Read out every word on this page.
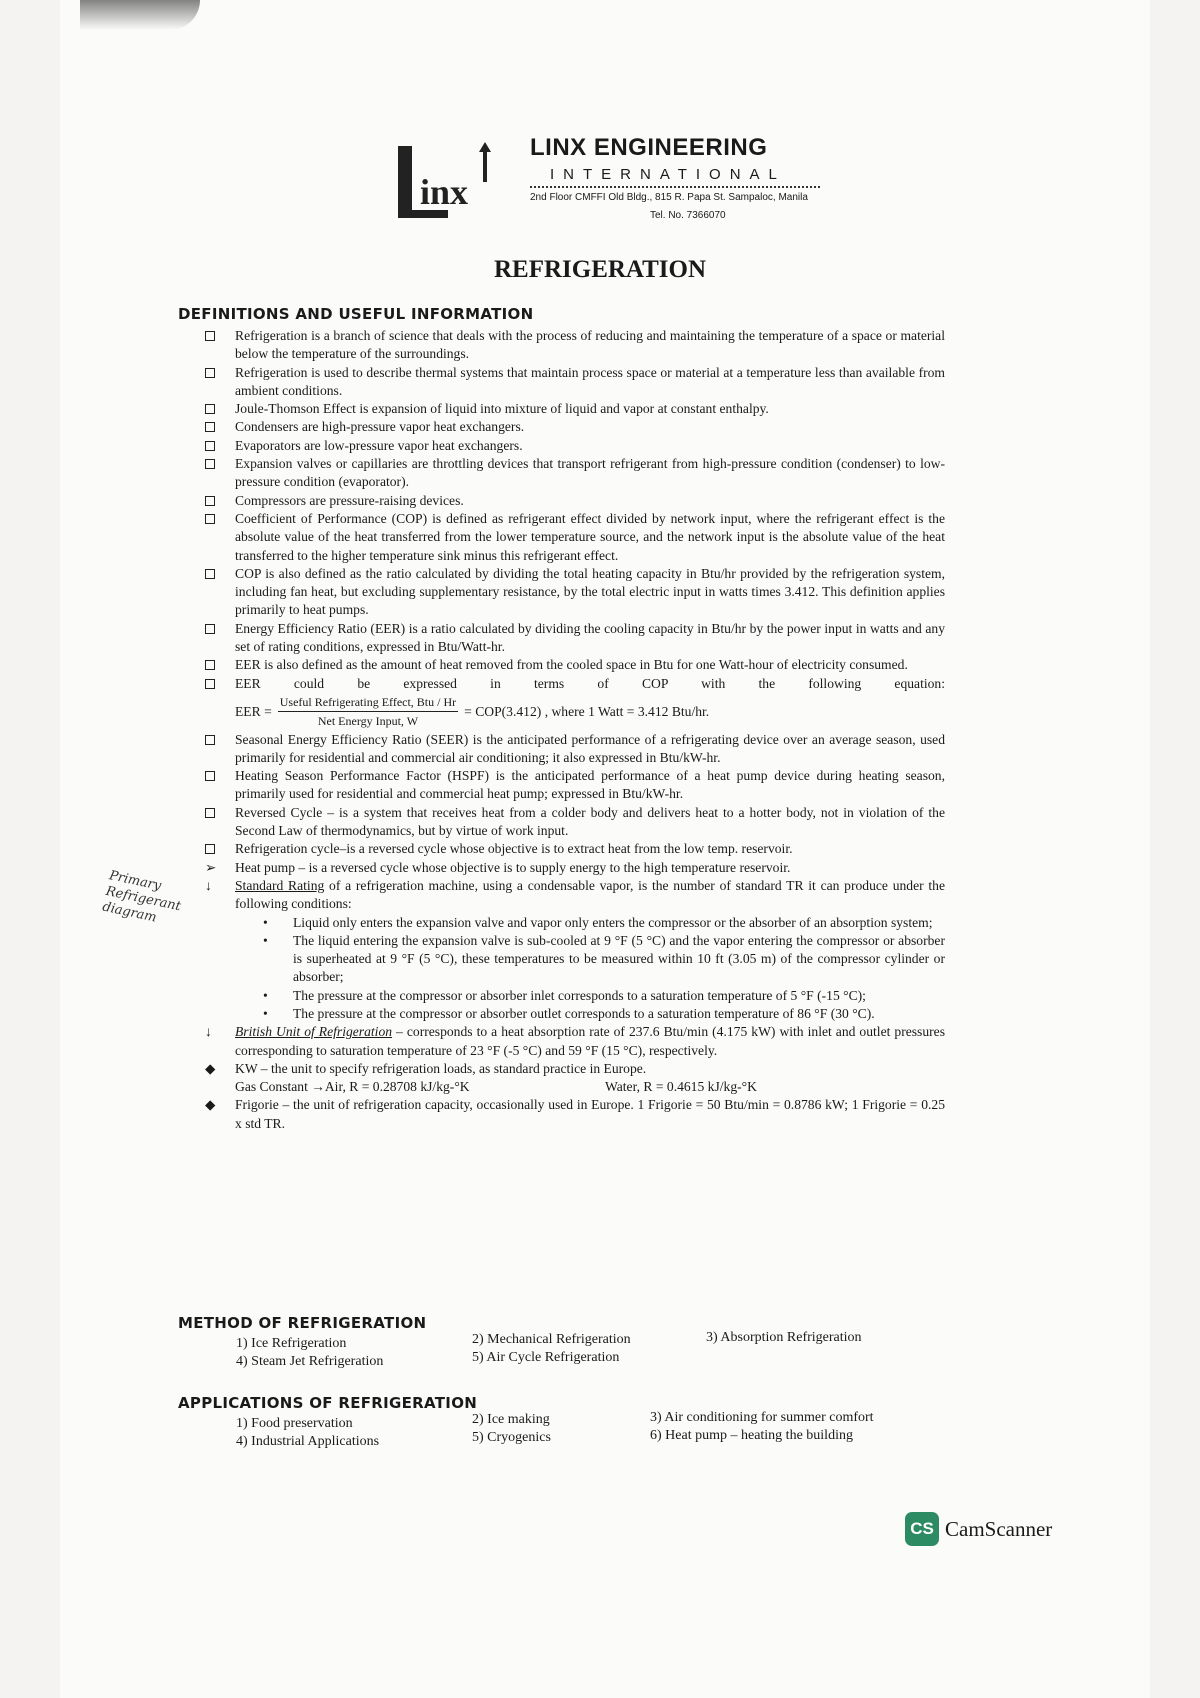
inx
LINX ENGINEERING
INTERNATIONAL
2nd Floor CMFFI Old Bldg., 815 R. Papa St. Sampaloc, Manila
Tel. No. 7366070
REFRIGERATION
DEFINITIONS AND USEFUL INFORMATION
Refrigeration is a branch of science that deals with the process of reducing and maintaining the temperature of a space or material below the temperature of the surroundings.
Refrigeration is used to describe thermal systems that maintain process space or material at a temperature less than available from ambient conditions.
Joule-Thomson Effect is expansion of liquid into mixture of liquid and vapor at constant enthalpy.
Condensers are high-pressure vapor heat exchangers.
Evaporators are low-pressure vapor heat exchangers.
Expansion valves or capillaries are throttling devices that transport refrigerant from high-pressure condition (condenser) to low-pressure condition (evaporator).
Compressors are pressure-raising devices.
Coefficient of Performance (COP) is defined as refrigerant effect divided by network input, where the refrigerant effect is the absolute value of the heat transferred from the lower temperature source, and the network input is the absolute value of the heat transferred to the higher temperature sink minus this refrigerant effect.
COP is also defined as the ratio calculated by dividing the total heating capacity in Btu/hr provided by the refrigeration system, including fan heat, but excluding supplementary resistance, by the total electric input in watts times 3.412. This definition applies primarily to heat pumps.
Energy Efficiency Ratio (EER) is a ratio calculated by dividing the cooling capacity in Btu/hr by the power input in watts and any set of rating conditions, expressed in Btu/Watt-hr.
EER is also defined as the amount of heat removed from the cooled space in Btu for one Watt-hour of electricity consumed.
EER could be expressed in terms of COP with the following equation:
EER = $\frac{\text{Useful Refrigerating Effect, Btu / Hr}}{\text{Net Energy Input, W}} = COP(3.412)$ , where 1 Watt = 3.412 Btu/hr.
Seasonal Energy Efficiency Ratio (SEER) is the anticipated performance of a refrigerating device over an average season, used primarily for residential and commercial air conditioning; it also expressed in Btu/kW-hr.
Heating Season Performance Factor (HSPF) is the anticipated performance of a heat pump device during heating season, primarily used for residential and commercial heat pump; expressed in Btu/kW-hr.
Reversed Cycle – is a system that receives heat from a colder body and delivers heat to a hotter body, not in violation of the Second Law of thermodynamics, but by virtue of work input.
Refrigeration cycle–is a reversed cycle whose objective is to extract heat from the low temp. reservoir.
➢	Heat pump – is a reversed cycle whose objective is to supply energy to the high temperature reservoir.
↓	Standard Rating of a refrigeration machine, using a condensable vapor, is the number of standard TR it can produce under the following conditions:
• Liquid only enters the expansion valve and vapor only enters the compressor or the absorber of an absorption system;
• The liquid entering the expansion valve is sub-cooled at 9 °F (5 °C) and the vapor entering the compressor or absorber is superheated at 9 °F (5 °C), these temperatures to be measured within 10 ft (3.05 m) of the compressor cylinder or absorber;
• The pressure at the compressor or absorber inlet corresponds to a saturation temperature of 5 °F (-15 °C);
• The pressure at the compressor or absorber outlet corresponds to a saturation temperature of 86 °F (30 °C).
↓	British Unit of Refrigeration – corresponds to a heat absorption rate of 237.6 Btu/min (4.175 kW) with inlet and outlet pressures corresponding to saturation temperature of 23 °F (-5 °C) and 59 °F (15 °C), respectively.
◆	KW – the unit to specify refrigeration loads, as standard practice in Europe.
Gas Constant →Air, R = 0.28708 kJ/kg-°K	Water, R = 0.4615 kJ/kg-°K
◆	Frigorie – the unit of refrigeration capacity, occasionally used in Europe. 1 Frigorie = 50 Btu/min = 0.8786 kW; 1 Frigorie = 0.25 x std TR.
Primary Refrigerant diagram
METHOD OF REFRIGERATION
1) Ice Refrigeration	2) Mechanical Refrigeration	3) Absorption Refrigeration
4) Steam Jet Refrigeration	5) Air Cycle Refrigeration
APPLICATIONS OF REFRIGERATION
1) Food preservation	2) Ice making	3) Air conditioning for summer comfort
4) Industrial Applications	5) Cryogenics	6) Heat pump – heating the building
CS CamScanner
